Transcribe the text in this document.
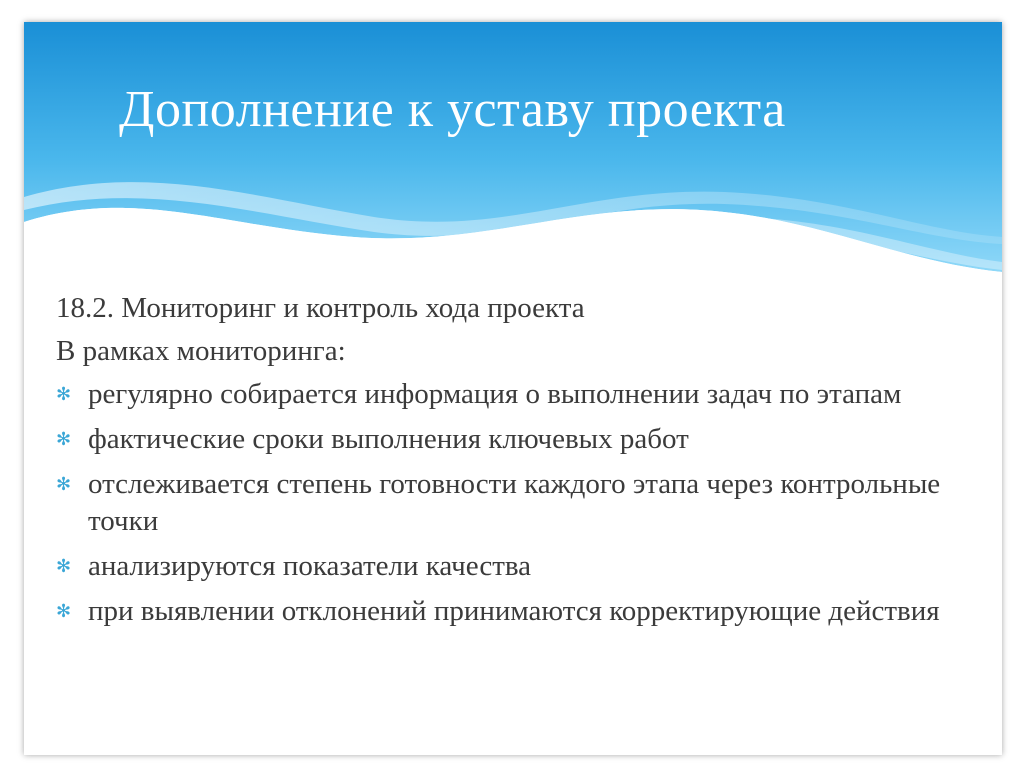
Дополнение к уставу проекта

18.2. Мониторинг и контроль хода проекта

В рамках мониторинга:

✻ регулярно собирается информация о выполнении задач по этапам
✻ фактические сроки выполнения ключевых работ
✻ отслеживается степень готовности каждого этапа через контрольные точки
✻ анализируются показатели качества
✻ при выявлении отклонений принимаются корректирующие действия
